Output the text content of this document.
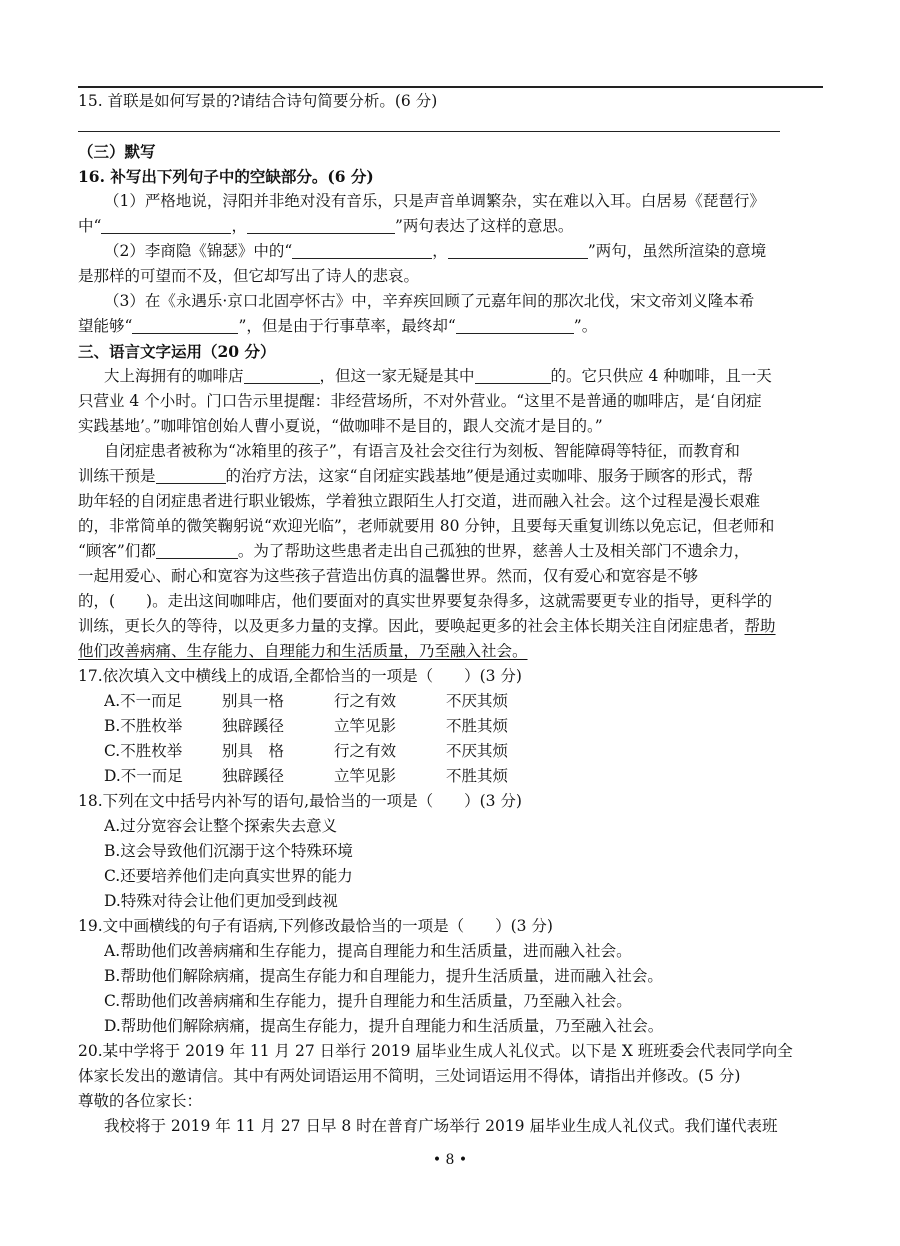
15. 首联是如何写景的?请结合诗句简要分析。(6 分)
（三）默写
16. 补写出下列句子中的空缺部分。(6 分)
（1）严格地说，浔阳并非绝对没有音乐，只是声音单调繁杂，实在难以入耳。白居易《琵琶行》
中“	，	”两句表达了这样的意思。
（2）李商隐《锦瑟》中的“	，	”两句，虽然所渲染的意境
是那样的可望而不及，但它却写出了诗人的悲哀。
（3）在《永遇乐·京口北固亭怀古》中，辛弃疾回顾了元嘉年间的那次北伐，宋文帝刘义隆本希
望能够“	”，但是由于行事草率，最终却“	”。
三、语言文字运用（20 分）
大上海拥有的咖啡店	，但这一家无疑是其中	的。它只供应 4 种咖啡，且一天
只营业 4 个小时。门口告示里提醒：非经营场所，不对外营业。“这里不是普通的咖啡店，是‘自闭症
实践基地’。”咖啡馆创始人曹小夏说，“做咖啡不是目的，跟人交流才是目的。”
自闭症患者被称为“冰箱里的孩子”，有语言及社会交往行为刻板、智能障碍等特征，而教育和
训练干预是	的治疗方法，这家“自闭症实践基地”便是通过卖咖啡、服务于顾客的形式，帮
助年轻的自闭症患者进行职业锻炼，学着独立跟陌生人打交道，进而融入社会。这个过程是漫长艰难
的，非常简单的微笑鞠躬说“欢迎光临”，老师就要用 80 分钟，且要每天重复训练以免忘记，但老师和
“顾客”们都	。为了帮助这些患者走出自己孤独的世界，慈善人士及相关部门不遗余力，
一起用爱心、耐心和宽容为这些孩子营造出仿真的温馨世界。然而，仅有爱心和宽容是不够
的，(　　)。走出这间咖啡店，他们要面对的真实世界要复杂得多，这就需要更专业的指导，更科学的
训练，更长久的等待，以及更多力量的支撑。因此，要唤起更多的社会主体长期关注自闭症患者，帮助
他们改善病痛、生存能力、自理能力和生活质量，乃至融入社会。
17.依次填入文中横线上的成语,全都恰当的一项是（　　）(3 分)
A.不一而足	别具一格	行之有效	不厌其烦
B.不胜枚举	独辟蹊径	立竿见影	不胜其烦
C.不胜枚举	别具　格	行之有效	不厌其烦
D.不一而足	独辟蹊径	立竿见影	不胜其烦
18.下列在文中括号内补写的语句,最恰当的一项是（　　）(3 分)
A.过分宽容会让整个探索失去意义
B.这会导致他们沉溺于这个特殊环境
C.还要培养他们走向真实世界的能力
D.特殊对待会让他们更加受到歧视
19.文中画横线的句子有语病,下列修改最恰当的一项是（　　）(3 分)
A.帮助他们改善病痛和生存能力，提高自理能力和生活质量，进而融入社会。
B.帮助他们解除病痛，提高生存能力和自理能力，提升生活质量，进而融入社会。
C.帮助他们改善病痛和生存能力，提升自理能力和生活质量，乃至融入社会。
D.帮助他们解除病痛，提高生存能力，提升自理能力和生活质量，乃至融入社会。
20.某中学将于 2019 年 11 月 27 日举行 2019 届毕业生成人礼仪式。以下是 X 班班委会代表同学向全
体家长发出的邀请信。其中有两处词语运用不简明，三处词语运用不得体，请指出并修改。(5 分)
尊敬的各位家长：
我校将于 2019 年 11 月 27 日早 8 时在普育广场举行 2019 届毕业生成人礼仪式。我们谨代表班
• 8 •
